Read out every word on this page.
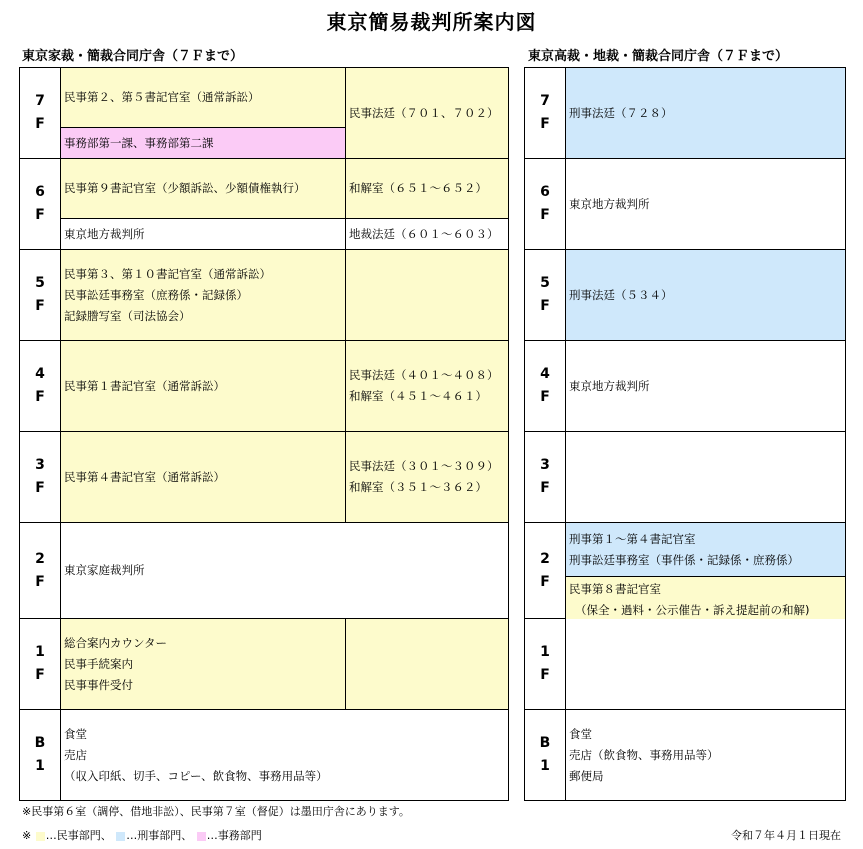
東京簡易裁判所案内図
東京家裁・簡裁合同庁舎（７Ｆまで）	東京高裁・地裁・簡裁合同庁舎（７Ｆまで）
7
F
民事第２、第５書記官室（通常訴訟）
事務部第一課、事務部第二課
民事法廷（７０１、７０２）
6
F
民事第９書記官室（少額訴訟、少額債権執行）
東京地方裁判所
和解室（６５１～６５２）
地裁法廷（６０１～６０３）
5
F
民事第３、第１０書記官室（通常訴訟）
民事訟廷事務室（庶務係・記録係）
記録謄写室（司法協会）
4
F
民事第１書記官室（通常訴訟）
民事法廷（４０１～４０８）
和解室（４５１～４６１）
3
F
民事第４書記官室（通常訴訟）
民事法廷（３０１～３０９）
和解室（３５１～３６２）
2
F
東京家庭裁判所
1
F
総合案内カウンター
民事手続案内
民事事件受付
B
1
食堂
売店
（収入印紙、切手、コピー、飲食物、事務用品等）
7
F
刑事法廷（７２８）
6
F
東京地方裁判所
5
F
刑事法廷（５３４）
4
F
東京地方裁判所
3
F
2
F
刑事第１～第４書記官室
刑事訟廷事務室（事件係・記録係・庶務係）
民事第８書記官室
（保全・過料・公示催告・訴え提起前の和解)
1
F
B
1
食堂
売店（飲食物、事務用品等）
郵便局
※民事第６室（調停、借地非訟）、民事第７室（督促）は墨田庁舎にあります。
※ …民事部門、 …刑事部門、 …事務部門	令和７年４月１日現在
